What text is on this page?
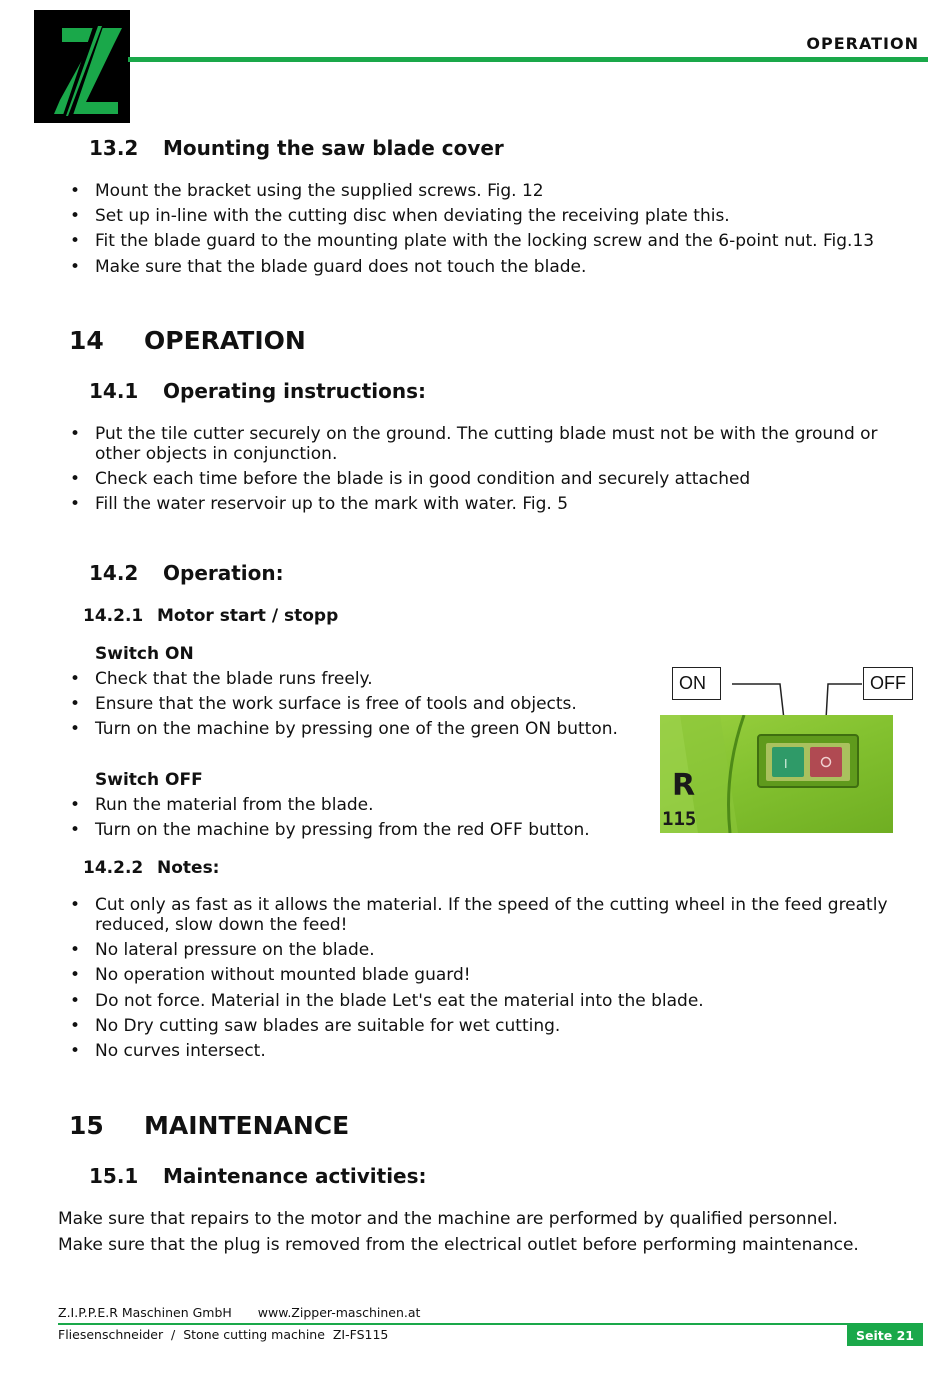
OPERATION
13.2 Mounting the saw blade cover
• Mount the bracket using the supplied screws. Fig. 12
• Set up in-line with the cutting disc when deviating the receiving plate this.
• Fit the blade guard to the mounting plate with the locking screw and the 6-point nut. Fig.13
• Make sure that the blade guard does not touch the blade.
14 OPERATION
14.1 Operating instructions:
• Put the tile cutter securely on the ground. The cutting blade must not be with the ground or other objects in conjunction.
• Check each time before the blade is in good condition and securely attached
• Fill the water reservoir up to the mark with water. Fig. 5
14.2 Operation:
14.2.1 Motor start / stopp
Switch ON
• Check that the blade runs freely.
• Ensure that the work surface is free of tools and objects.
• Turn on the machine by pressing one of the green ON button.
Switch OFF
• Run the material from the blade.
• Turn on the machine by pressing from the red OFF button.
ON	OFF
I
R
115
14.2.2 Notes:
• Cut only as fast as it allows the material. If the speed of the cutting wheel in the feed greatly reduced, slow down the feed!
• No lateral pressure on the blade.
• No operation without mounted blade guard!
• Do not force. Material in the blade Let's eat the material into the blade.
• No Dry cutting saw blades are suitable for wet cutting.
• No curves intersect.
15 MAINTENANCE
15.1 Maintenance activities:
Make sure that repairs to the motor and the machine are performed by qualified personnel.
Make sure that the plug is removed from the electrical outlet before performing maintenance.
Z.I.P.P.E.R Maschinen GmbH www.Zipper-maschinen.at
Fliesenschneider  /  Stone cutting machine  ZI-FS115	Seite 21
